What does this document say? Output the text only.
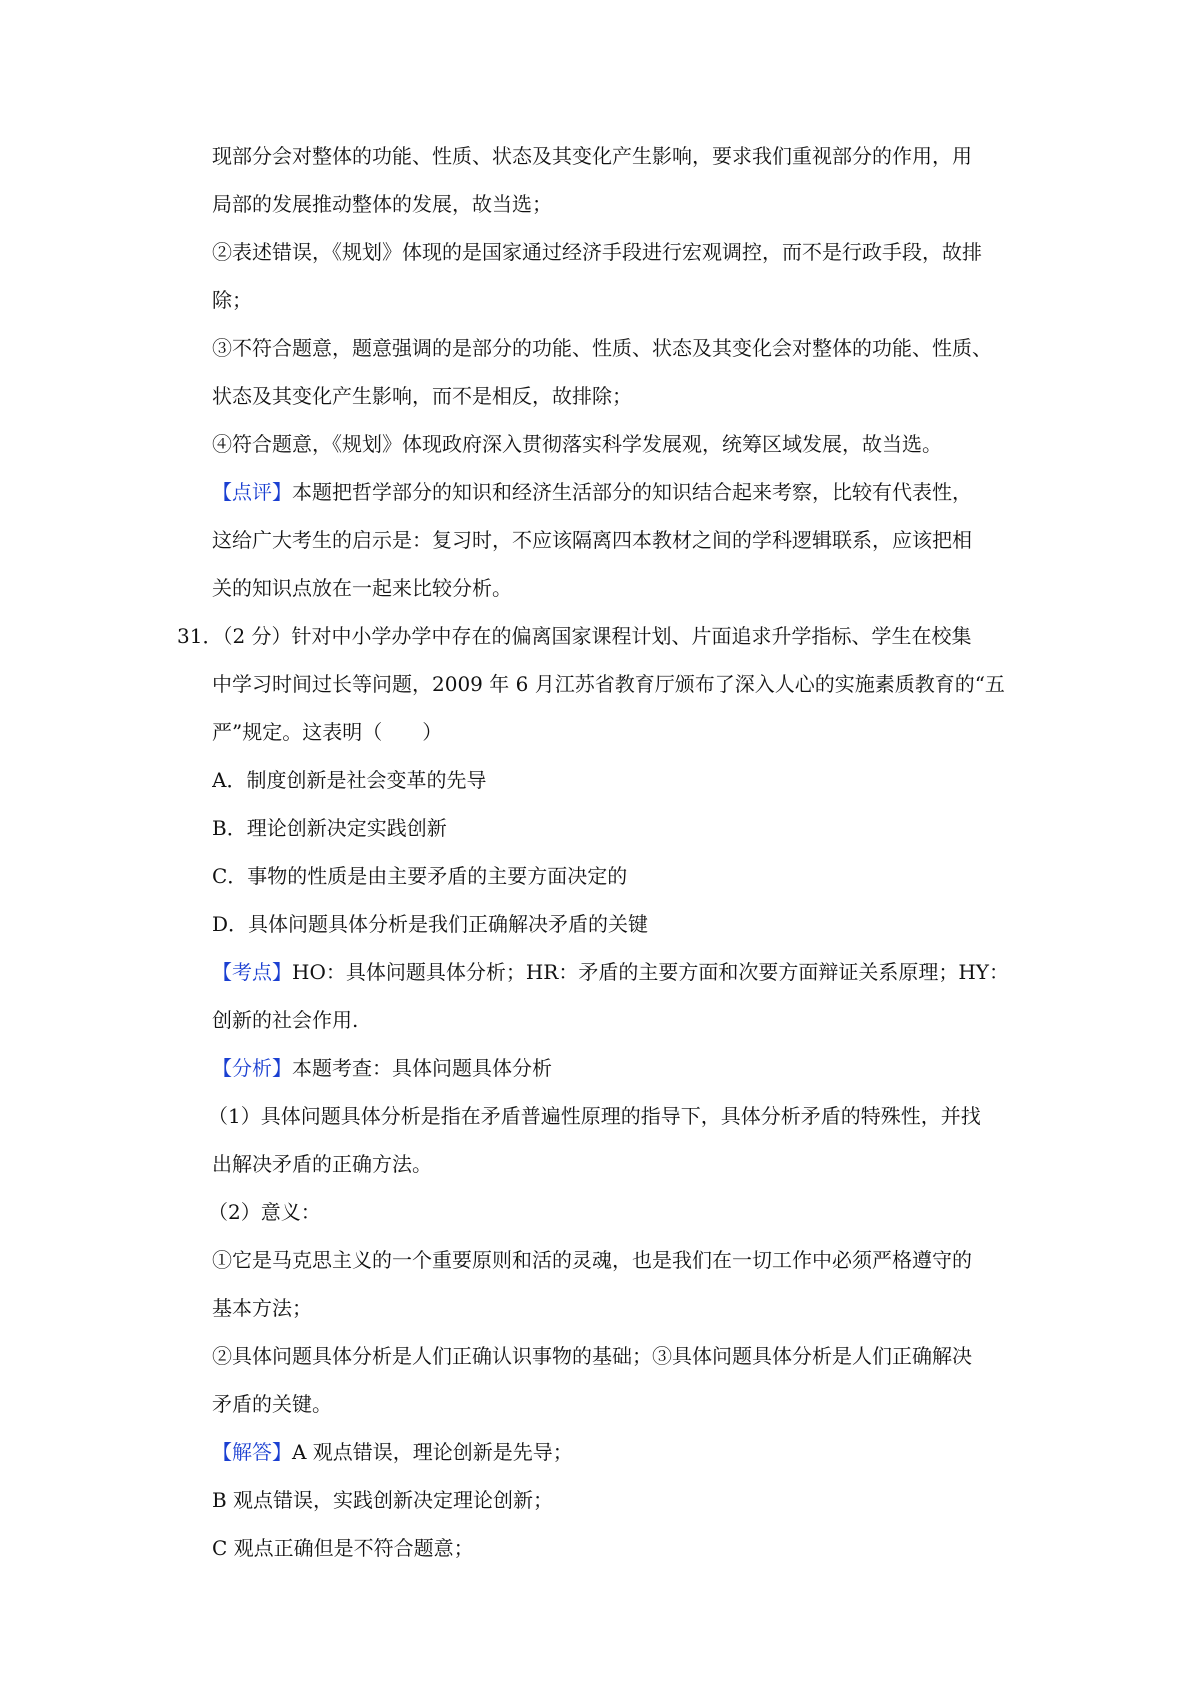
现部分会对整体的功能、性质、状态及其变化产生影响，要求我们重视部分的作用，用
局部的发展推动整体的发展，故当选；
②表述错误，《规划》体现的是国家通过经济手段进行宏观调控，而不是行政手段，故排
除；
③不符合题意，题意强调的是部分的功能、性质、状态及其变化会对整体的功能、性质、
状态及其变化产生影响，而不是相反，故排除；
④符合题意，《规划》体现政府深入贯彻落实科学发展观，统筹区域发展，故当选。
【点评】本题把哲学部分的知识和经济生活部分的知识结合起来考察，比较有代表性，
这给广大考生的启示是：复习时，不应该隔离四本教材之间的学科逻辑联系，应该把相
关的知识点放在一起来比较分析。
31．（2 分）针对中小学办学中存在的偏离国家课程计划、片面追求升学指标、学生在校集
中学习时间过长等问题，2009 年 6 月江苏省教育厅颁布了深入人心的实施素质教育的“五
严”规定。这表明（　　）
A．制度创新是社会变革的先导
B．理论创新决定实践创新
C．事物的性质是由主要矛盾的主要方面决定的
D．具体问题具体分析是我们正确解决矛盾的关键
【考点】HO：具体问题具体分析；HR：矛盾的主要方面和次要方面辩证关系原理；HY：
创新的社会作用.
【分析】本题考查：具体问题具体分析
（1）具体问题具体分析是指在矛盾普遍性原理的指导下，具体分析矛盾的特殊性，并找
出解决矛盾的正确方法。
（2）意义：
①它是马克思主义的一个重要原则和活的灵魂，也是我们在一切工作中必须严格遵守的
基本方法；
②具体问题具体分析是人们正确认识事物的基础；③具体问题具体分析是人们正确解决
矛盾的关键。
【解答】A 观点错误，理论创新是先导；
B 观点错误，实践创新决定理论创新；
C 观点正确但是不符合题意；
